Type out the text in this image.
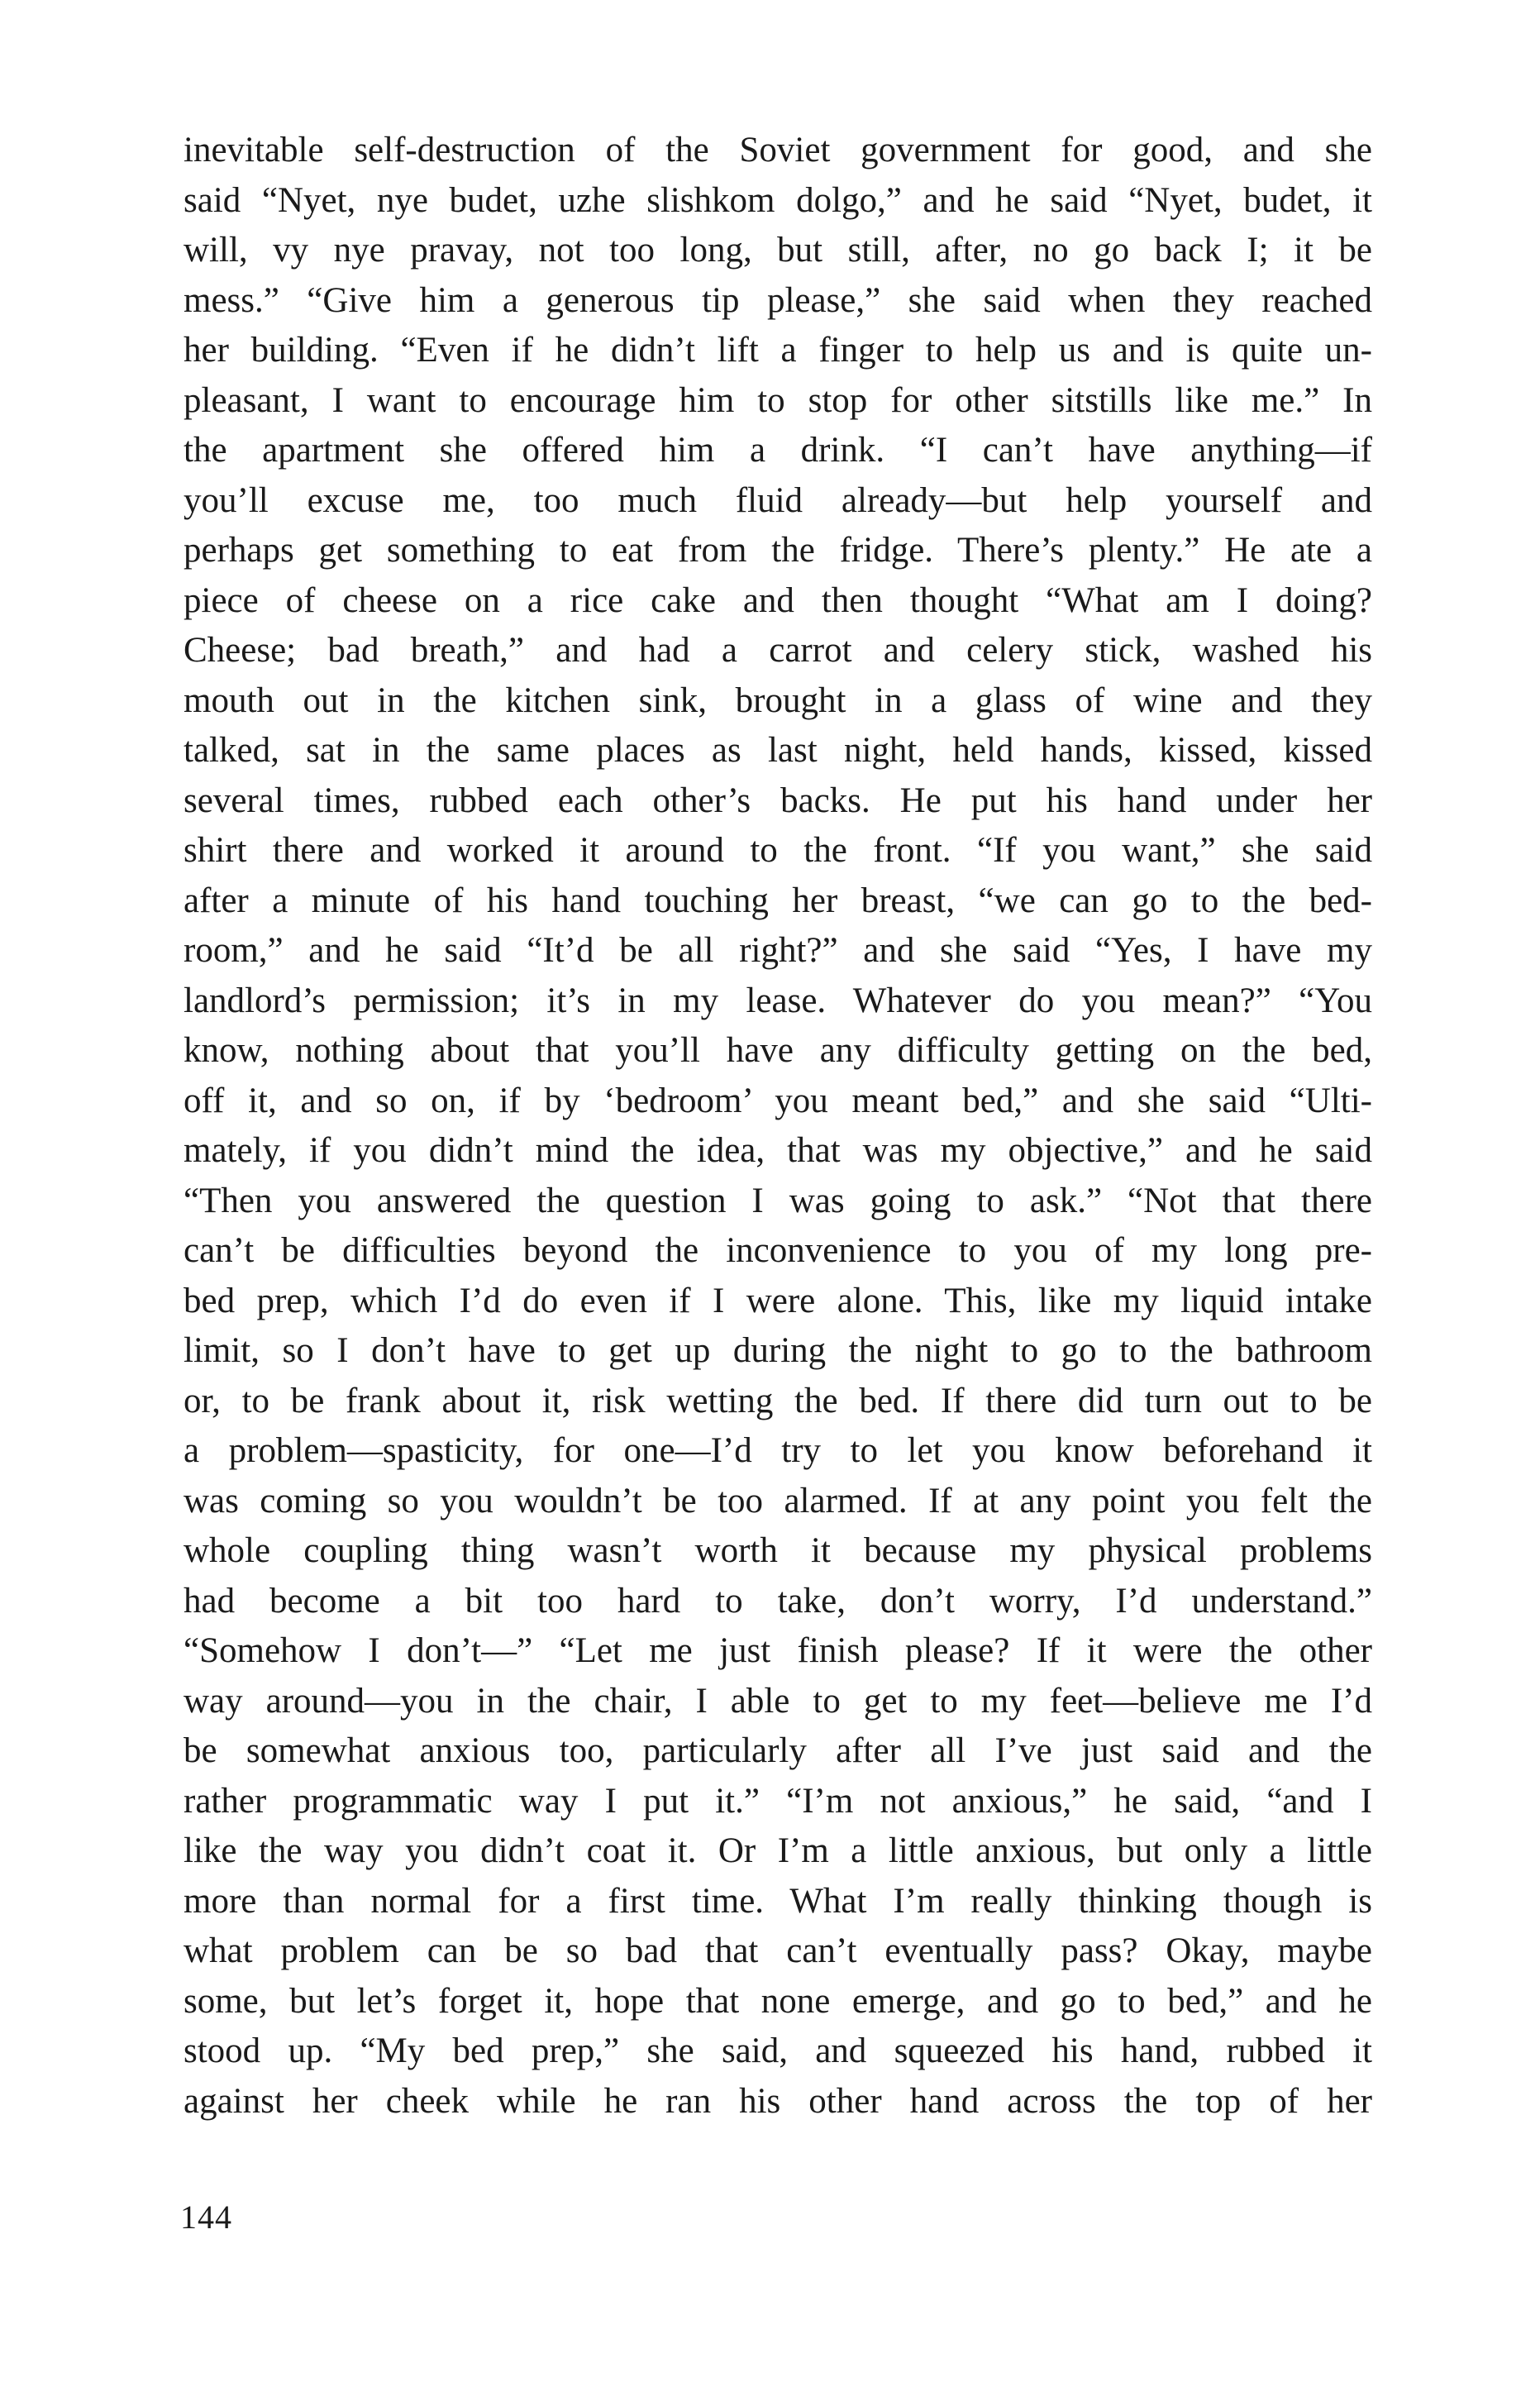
inevitable self-destruction of the Soviet government for good, and she
said “Nyet, nye budet, uzhe slishkom dolgo,” and he said “Nyet, budet, it
will, vy nye pravay, not too long, but still, after, no go back I; it be
mess.” “Give him a generous tip please,” she said when they reached
her building. “Even if he didn’t lift a finger to help us and is quite un-
pleasant, I want to encourage him to stop for other sitstills like me.” In
the apartment she offered him a drink. “I can’t have anything—if
you’ll excuse me, too much fluid already—but help yourself and
perhaps get something to eat from the fridge. There’s plenty.” He ate a
piece of cheese on a rice cake and then thought “What am I doing?
Cheese; bad breath,” and had a carrot and celery stick, washed his
mouth out in the kitchen sink, brought in a glass of wine and they
talked, sat in the same places as last night, held hands, kissed, kissed
several times, rubbed each other’s backs. He put his hand under her
shirt there and worked it around to the front. “If you want,” she said
after a minute of his hand touching her breast, “we can go to the bed-
room,” and he said “It’d be all right?” and she said “Yes, I have my
landlord’s permission; it’s in my lease. Whatever do you mean?” “You
know, nothing about that you’ll have any difficulty getting on the bed,
off it, and so on, if by ‘bedroom’ you meant bed,” and she said “Ulti-
mately, if you didn’t mind the idea, that was my objective,” and he said
“Then you answered the question I was going to ask.” “Not that there
can’t be difficulties beyond the inconvenience to you of my long pre-
bed prep, which I’d do even if I were alone. This, like my liquid intake
limit, so I don’t have to get up during the night to go to the bathroom
or, to be frank about it, risk wetting the bed. If there did turn out to be
a problem—spasticity, for one—I’d try to let you know beforehand it
was coming so you wouldn’t be too alarmed. If at any point you felt the
whole coupling thing wasn’t worth it because my physical problems
had become a bit too hard to take, don’t worry, I’d understand.”
“Somehow I don’t—” “Let me just finish please? If it were the other
way around—you in the chair, I able to get to my feet—believe me I’d
be somewhat anxious too, particularly after all I’ve just said and the
rather programmatic way I put it.” “I’m not anxious,” he said, “and I
like the way you didn’t coat it. Or I’m a little anxious, but only a little
more than normal for a first time. What I’m really thinking though is
what problem can be so bad that can’t eventually pass? Okay, maybe
some, but let’s forget it, hope that none emerge, and go to bed,” and he
stood up. “My bed prep,” she said, and squeezed his hand, rubbed it
against her cheek while he ran his other hand across the top of her
144
